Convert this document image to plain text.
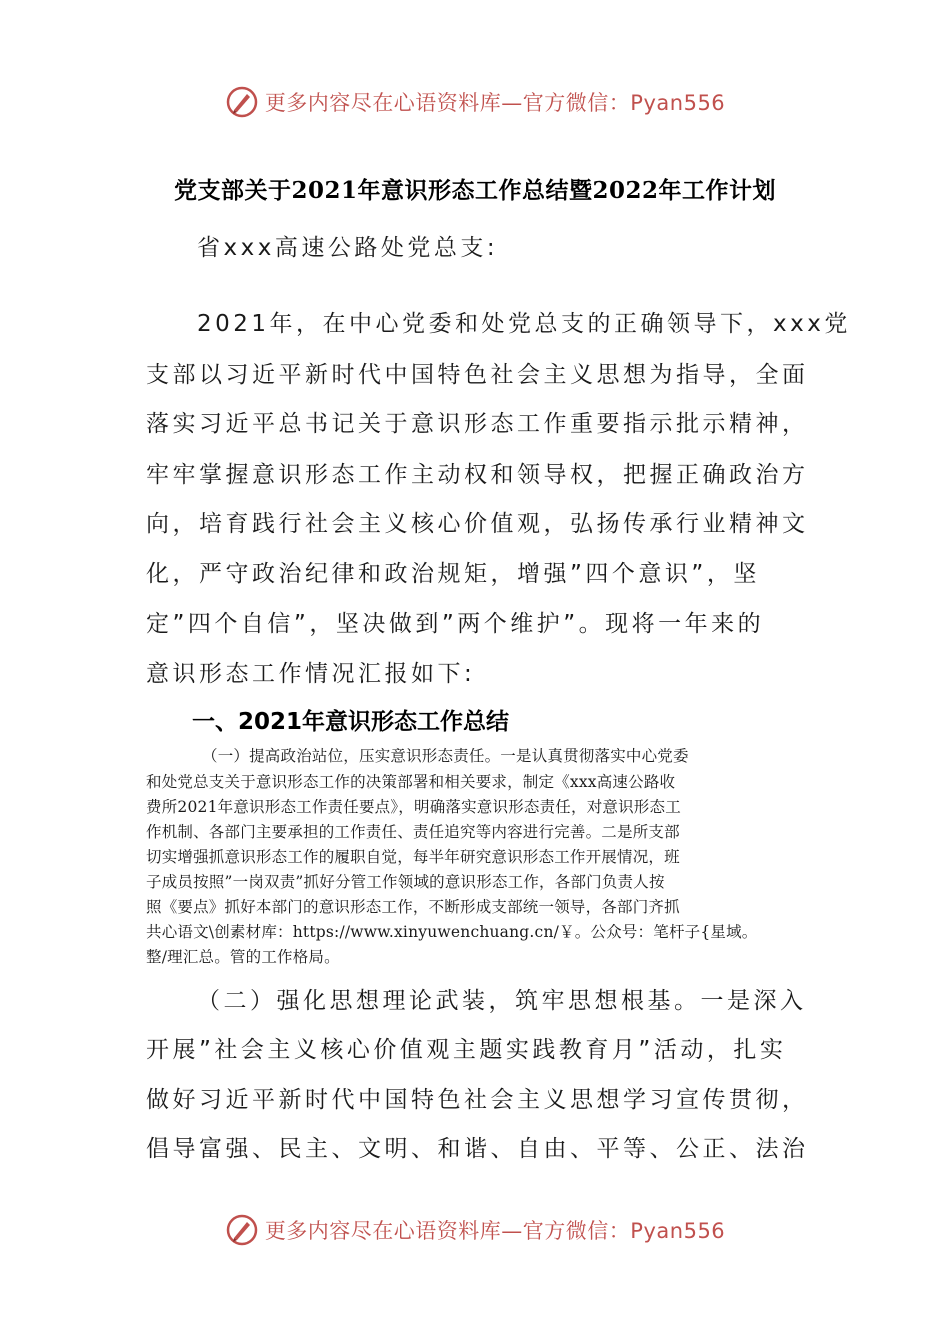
更多内容尽在心语资料库—官方微信：Pyan556
党支部关于2021年意识形态工作总结暨2022年工作计划
省xxx高速公路处党总支:
2021年，在中心党委和处党总支的正确领导下，xxx党
支部以习近平新时代中国特色社会主义思想为指导，全面
落实习近平总书记关于意识形态工作重要指示批示精神，
牢牢掌握意识形态工作主动权和领导权，把握正确政治方
向，培育践行社会主义核心价值观，弘扬传承行业精神文
化，严守政治纪律和政治规矩，增强”四个意识”，坚
定”四个自信”，坚决做到”两个维护”。现将一年来的
意识形态工作情况汇报如下:
一、2021年意识形态工作总结
（一）提高政治站位，压实意识形态责任。一是认真贯彻落实中心党委
和处党总支关于意识形态工作的决策部署和相关要求，制定《xxx高速公路收
费所2021年意识形态工作责任要点》，明确落实意识形态责任，对意识形态工
作机制、各部门主要承担的工作责任、责任追究等内容进行完善。二是所支部
切实增强抓意识形态工作的履职自觉，每半年研究意识形态工作开展情况，班
子成员按照”一岗双责”抓好分管工作领域的意识形态工作，各部门负责人按
照《要点》抓好本部门的意识形态工作，不断形成支部统一领导，各部门齐抓
共心语文\创素材库：https://www.xinyuwenchuang.cn/￥。公众号：笔杆子{星域。
整/理汇总。管的工作格局。
（二）强化思想理论武装，筑牢思想根基。一是深入
开展”社会主义核心价值观主题实践教育月”活动，扎实
做好习近平新时代中国特色社会主义思想学习宣传贯彻，
倡导富强、民主、文明、和谐、自由、平等、公正、法治
更多内容尽在心语资料库—官方微信：Pyan556
